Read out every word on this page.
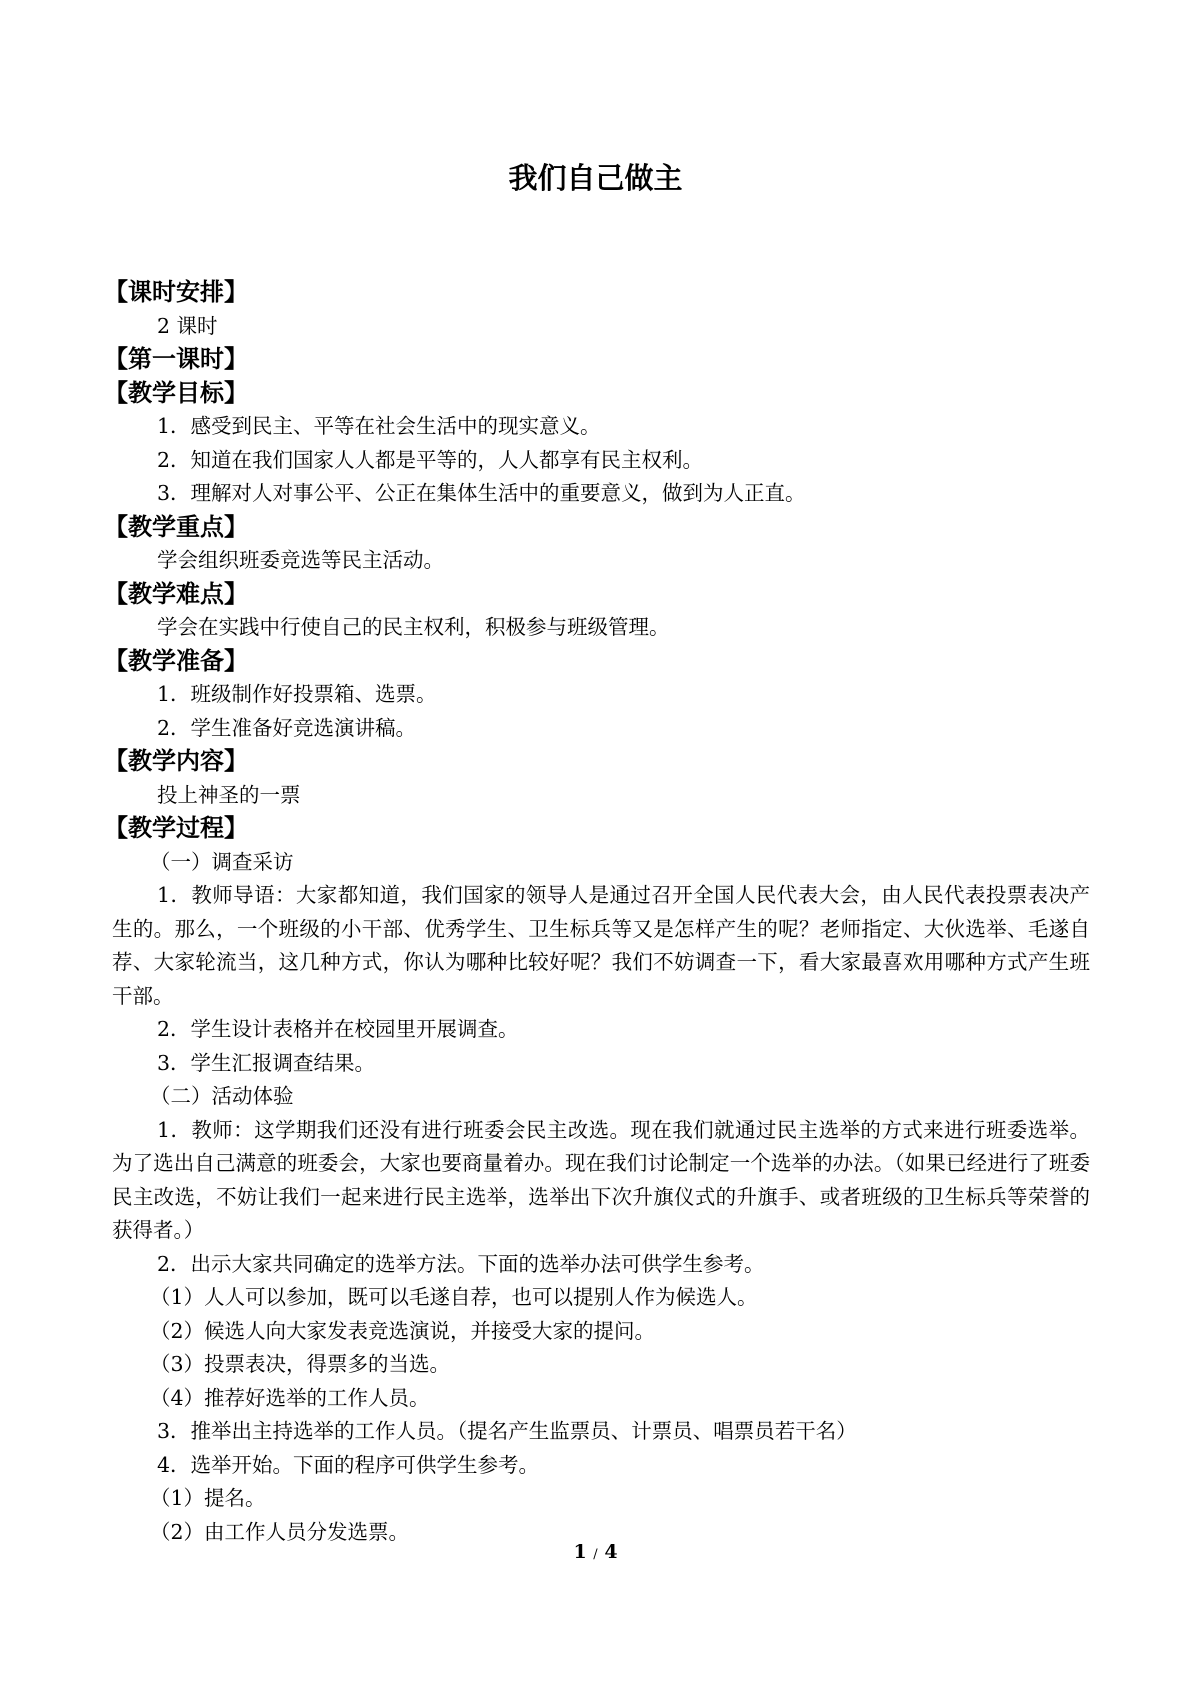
我们自己做主
【课时安排】
2 课时
【第一课时】
【教学目标】
1．感受到民主、平等在社会生活中的现实意义。
2．知道在我们国家人人都是平等的，人人都享有民主权利。
3．理解对人对事公平、公正在集体生活中的重要意义，做到为人正直。
【教学重点】
学会组织班委竞选等民主活动。
【教学难点】
学会在实践中行使自己的民主权利，积极参与班级管理。
【教学准备】
1．班级制作好投票箱、选票。
2．学生准备好竞选演讲稿。
【教学内容】
投上神圣的一票
【教学过程】
（一）调查采访
1．教师导语：大家都知道，我们国家的领导人是通过召开全国人民代表大会，由人民代表投票表决产生的。那么，一个班级的小干部、优秀学生、卫生标兵等又是怎样产生的呢？老师指定、大伙选举、毛遂自荐、大家轮流当，这几种方式，你认为哪种比较好呢？我们不妨调查一下，看大家最喜欢用哪种方式产生班干部。
2．学生设计表格并在校园里开展调查。
3．学生汇报调查结果。
（二）活动体验
1．教师：这学期我们还没有进行班委会民主改选。现在我们就通过民主选举的方式来进行班委选举。为了选出自己满意的班委会，大家也要商量着办。现在我们讨论制定一个选举的办法。（如果已经进行了班委民主改选，不妨让我们一起来进行民主选举，选举出下次升旗仪式的升旗手、或者班级的卫生标兵等荣誉的获得者。）
2．出示大家共同确定的选举方法。下面的选举办法可供学生参考。
（1）人人可以参加，既可以毛遂自荐，也可以提别人作为候选人。
（2）候选人向大家发表竞选演说，并接受大家的提问。
（3）投票表决，得票多的当选。
（4）推荐好选举的工作人员。
3．推举出主持选举的工作人员。（提名产生监票员、计票员、唱票员若干名）
4．选举开始。下面的程序可供学生参考。
（1）提名。
（2）由工作人员分发选票。
1 / 4
